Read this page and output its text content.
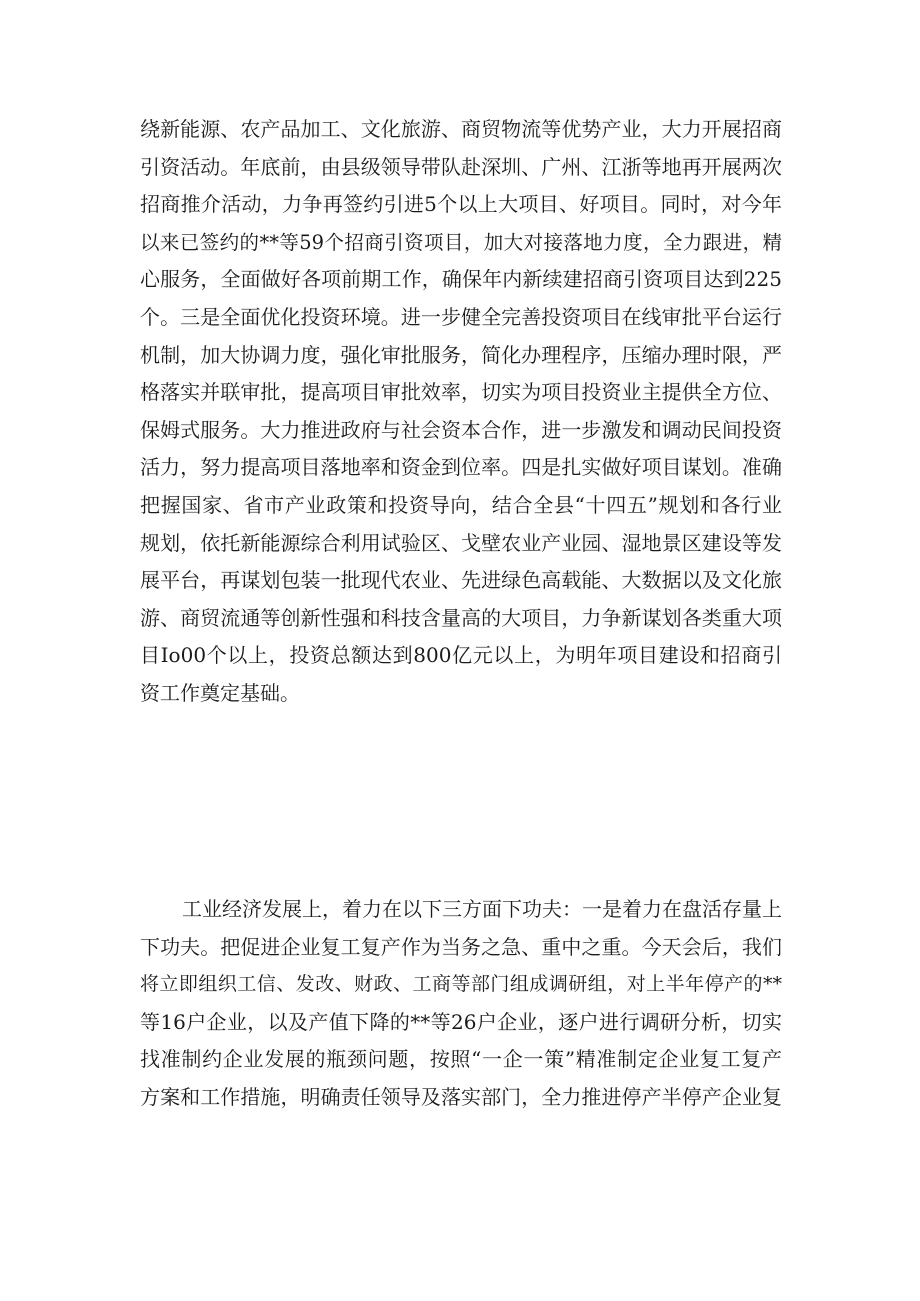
绕新能源、农产品加工、文化旅游、商贸物流等优势产业，大力开展招商
引资活动。年底前，由县级领导带队赴深圳、广州、江浙等地再开展两次
招商推介活动，力争再签约引进5个以上大项目、好项目。同时，对今年
以来已签约的**等59个招商引资项目，加大对接落地力度，全力跟进，精
心服务，全面做好各项前期工作，确保年内新续建招商引资项目达到225
个。三是全面优化投资环境。进一步健全完善投资项目在线审批平台运行
机制，加大协调力度，强化审批服务，简化办理程序，压缩办理时限，严
格落实并联审批，提高项目审批效率，切实为项目投资业主提供全方位、
保姆式服务。大力推进政府与社会资本合作，进一步激发和调动民间投资
活力，努力提高项目落地率和资金到位率。四是扎实做好项目谋划。准确
把握国家、省市产业政策和投资导向，结合全县“十四五”规划和各行业
规划，依托新能源综合利用试验区、戈壁农业产业园、湿地景区建设等发
展平台，再谋划包装一批现代农业、先进绿色高载能、大数据以及文化旅
游、商贸流通等创新性强和科技含量高的大项目，力争新谋划各类重大项
目Io00个以上，投资总额达到800亿元以上，为明年项目建设和招商引
资工作奠定基础。
工业经济发展上，着力在以下三方面下功夫：一是着力在盘活存量上
下功夫。把促进企业复工复产作为当务之急、重中之重。今天会后，我们
将立即组织工信、发改、财政、工商等部门组成调研组，对上半年停产的**
等16户企业，以及产值下降的**等26户企业，逐户进行调研分析，切实
找准制约企业发展的瓶颈问题，按照“一企一策”精准制定企业复工复产
方案和工作措施，明确责任领导及落实部门，全力推进停产半停产企业复
